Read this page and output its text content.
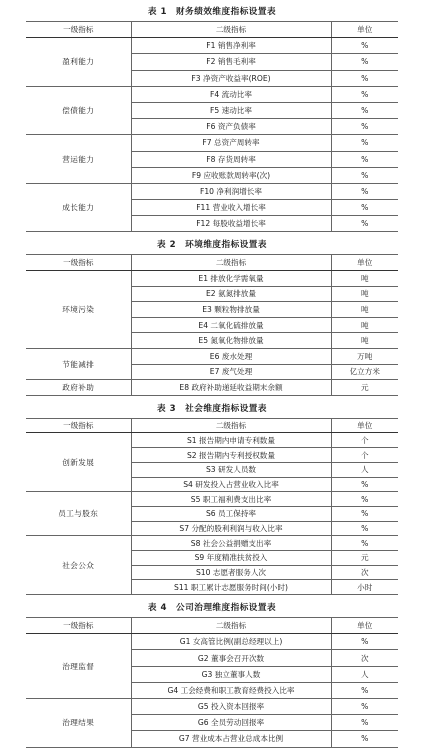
表 1　财务绩效维度指标设置表

一级指标	二级指标	单位
盈利能力	F1 销售净利率	%
	F2 销售毛利率	%
	F3 净资产收益率(ROE)	%
偿债能力	F4 流动比率	%
	F5 速动比率	%
	F6 资产负债率	%
营运能力	F7 总资产周转率	%
	F8 存货周转率	%
	F9 应收账款周转率(次)	%
成长能力	F10 净利润增长率	%
	F11 营业收入增长率	%
	F12 每股收益增长率	%

表 2　环境维度指标设置表

一级指标	二级指标	单位
环境污染	E1 排放化学需氧量	吨
	E2 氨氮排放量	吨
	E3 颗粒物排放量	吨
	E4 二氧化硫排放量	吨
	E5 氮氧化物排放量	吨
节能减排	E6 废水处理	万吨
	E7 废气处理	亿立方米
政府补助	E8 政府补助递延收益期末余额	元

表 3　社会维度指标设置表

一级指标	二级指标	单位
创新发展	S1 报告期内申请专利数量	个
	S2 报告期内专利授权数量	个
	S3 研发人员数	人
	S4 研发投入占营业收入比率	%
员工与股东	S5 职工福利费支出比率	%
	S6 员工保持率	%
	S7 分配的股利利润与收入比率	%
社会公众	S8 社会公益捐赠支出率	%
	S9 年度精准扶贫投入	元
	S10 志愿者服务人次	次
	S11 职工累计志愿服务时间(小时)	小时

表 4　公司治理维度指标设置表

一级指标	二级指标	单位
治理监督	G1 女高管比例(副总经理以上)	%
	G2 董事会召开次数	次
	G3 独立董事人数	人
	G4 工会经费和职工教育经费投入比率	%
治理结果	G5 投入资本回报率	%
	G6 全员劳动回报率	%
	G7 营业成本占营业总成本比例	%
